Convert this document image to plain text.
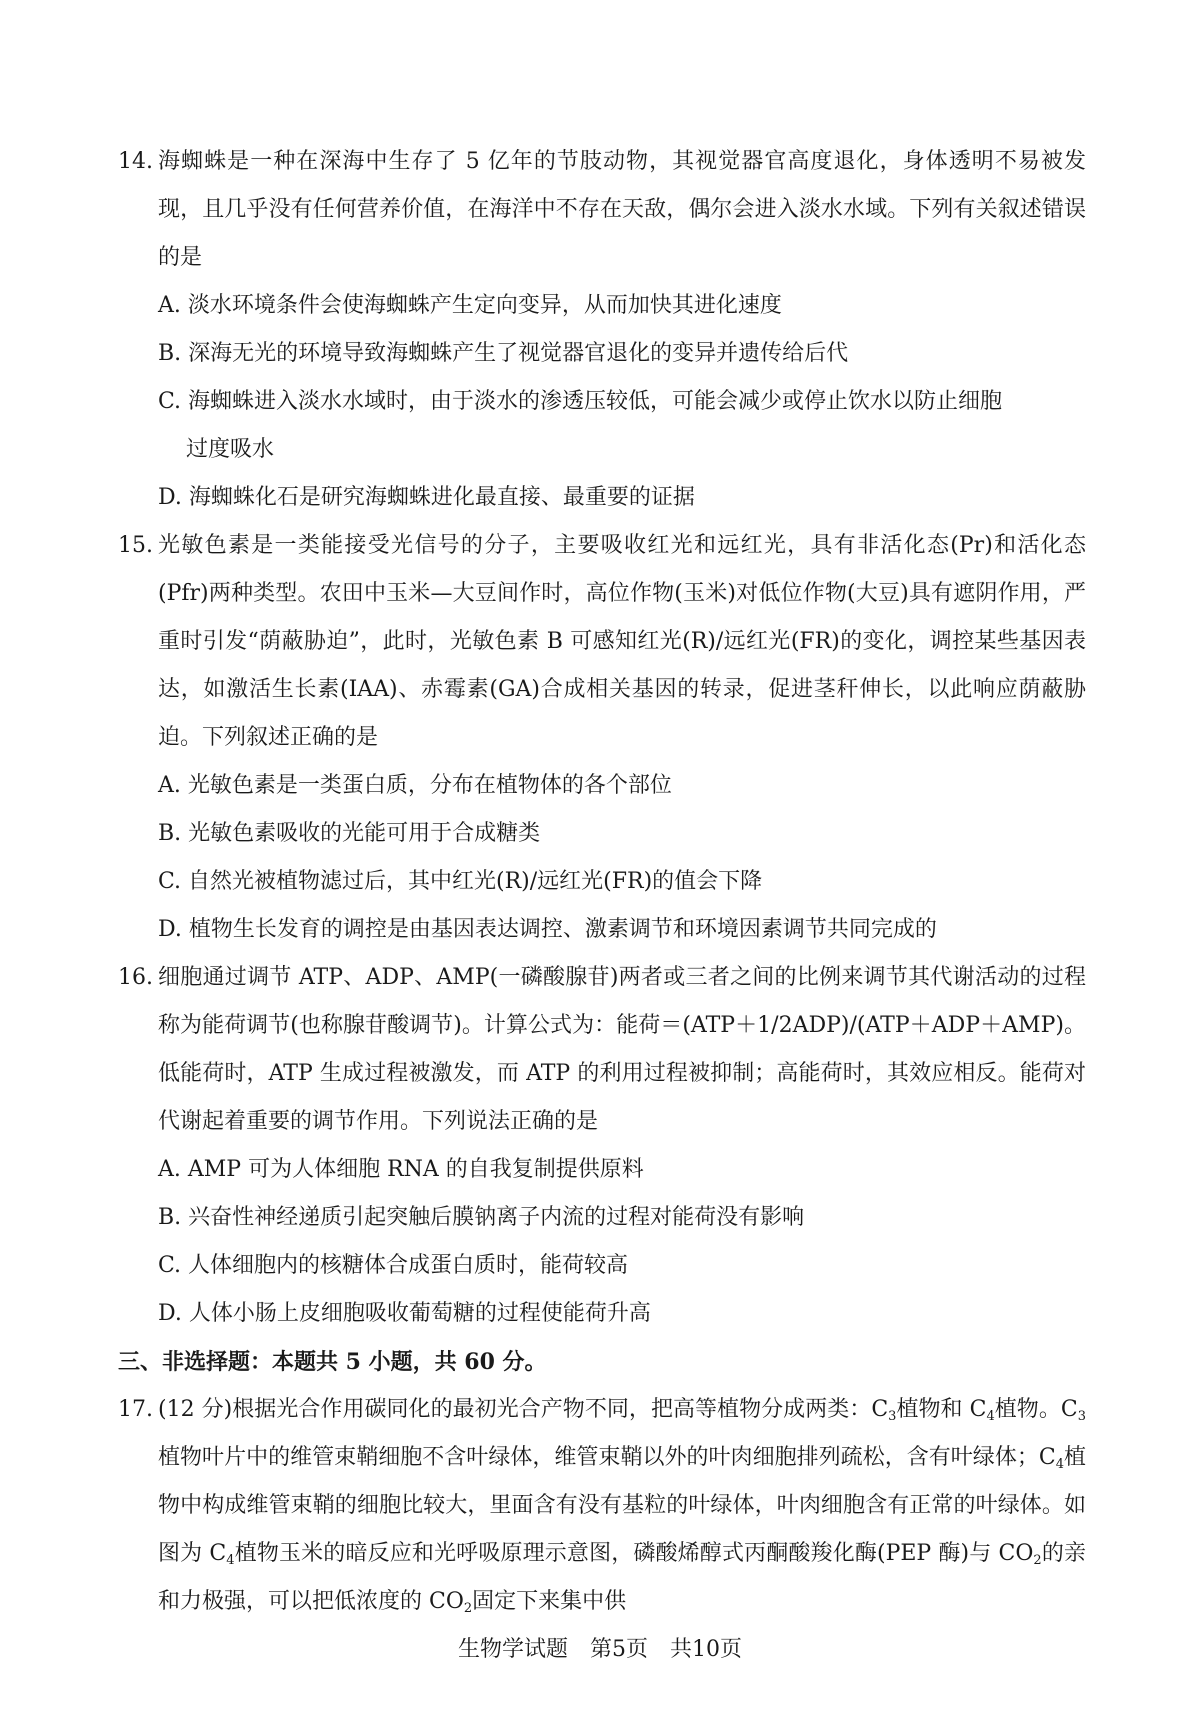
14. 海蜘蛛是一种在深海中生存了 5 亿年的节肢动物，其视觉器官高度退化，身体透明不易被发现，且几乎没有任何营养价值，在海洋中不存在天敌，偶尔会进入淡水水域。下列有关叙述错误的是
A. 淡水环境条件会使海蜘蛛产生定向变异，从而加快其进化速度
B. 深海无光的环境导致海蜘蛛产生了视觉器官退化的变异并遗传给后代
C. 海蜘蛛进入淡水水域时，由于淡水的渗透压较低，可能会减少或停止饮水以防止细胞
过度吸水
D. 海蜘蛛化石是研究海蜘蛛进化最直接、最重要的证据
15. 光敏色素是一类能接受光信号的分子，主要吸收红光和远红光，具有非活化态(Pr)和活化态(Pfr)两种类型。农田中玉米—大豆间作时，高位作物(玉米)对低位作物(大豆)具有遮阴作用，严重时引发“荫蔽胁迫”，此时，光敏色素 B 可感知红光(R)/远红光(FR)的变化，调控某些基因表达，如激活生长素(IAA)、赤霉素(GA)合成相关基因的转录，促进茎秆伸长，以此响应荫蔽胁迫。下列叙述正确的是
A. 光敏色素是一类蛋白质，分布在植物体的各个部位
B. 光敏色素吸收的光能可用于合成糖类
C. 自然光被植物滤过后，其中红光(R)/远红光(FR)的值会下降
D. 植物生长发育的调控是由基因表达调控、激素调节和环境因素调节共同完成的
16. 细胞通过调节 ATP、ADP、AMP(一磷酸腺苷)两者或三者之间的比例来调节其代谢活动的过程称为能荷调节(也称腺苷酸调节)。计算公式为：能荷＝(ATP＋1/2ADP)/(ATP＋ADP＋AMP)。低能荷时，ATP 生成过程被激发，而 ATP 的利用过程被抑制；高能荷时，其效应相反。能荷对代谢起着重要的调节作用。下列说法正确的是
A. AMP 可为人体细胞 RNA 的自我复制提供原料
B. 兴奋性神经递质引起突触后膜钠离子内流的过程对能荷没有影响
C. 人体细胞内的核糖体合成蛋白质时，能荷较高
D. 人体小肠上皮细胞吸收葡萄糖的过程使能荷升高
三、非选择题：本题共 5 小题，共 60 分。
17. (12 分)根据光合作用碳同化的最初光合产物不同，把高等植物分成两类：$C_3$植物和 $C_4$植物。$C_3$植物叶片中的维管束鞘细胞不含叶绿体，维管束鞘以外的叶肉细胞排列疏松，含有叶绿体；$C_4$植物中构成维管束鞘的细胞比较大，里面含有没有基粒的叶绿体，叶肉细胞含有正常的叶绿体。如图为 $C_4$植物玉米的暗反应和光呼吸原理示意图，磷酸烯醇式丙酮酸羧化酶(PEP 酶)与 $CO_2$的亲和力极强，可以把低浓度的 $CO_2$固定下来集中供
生物学试题　第5页　共10页
